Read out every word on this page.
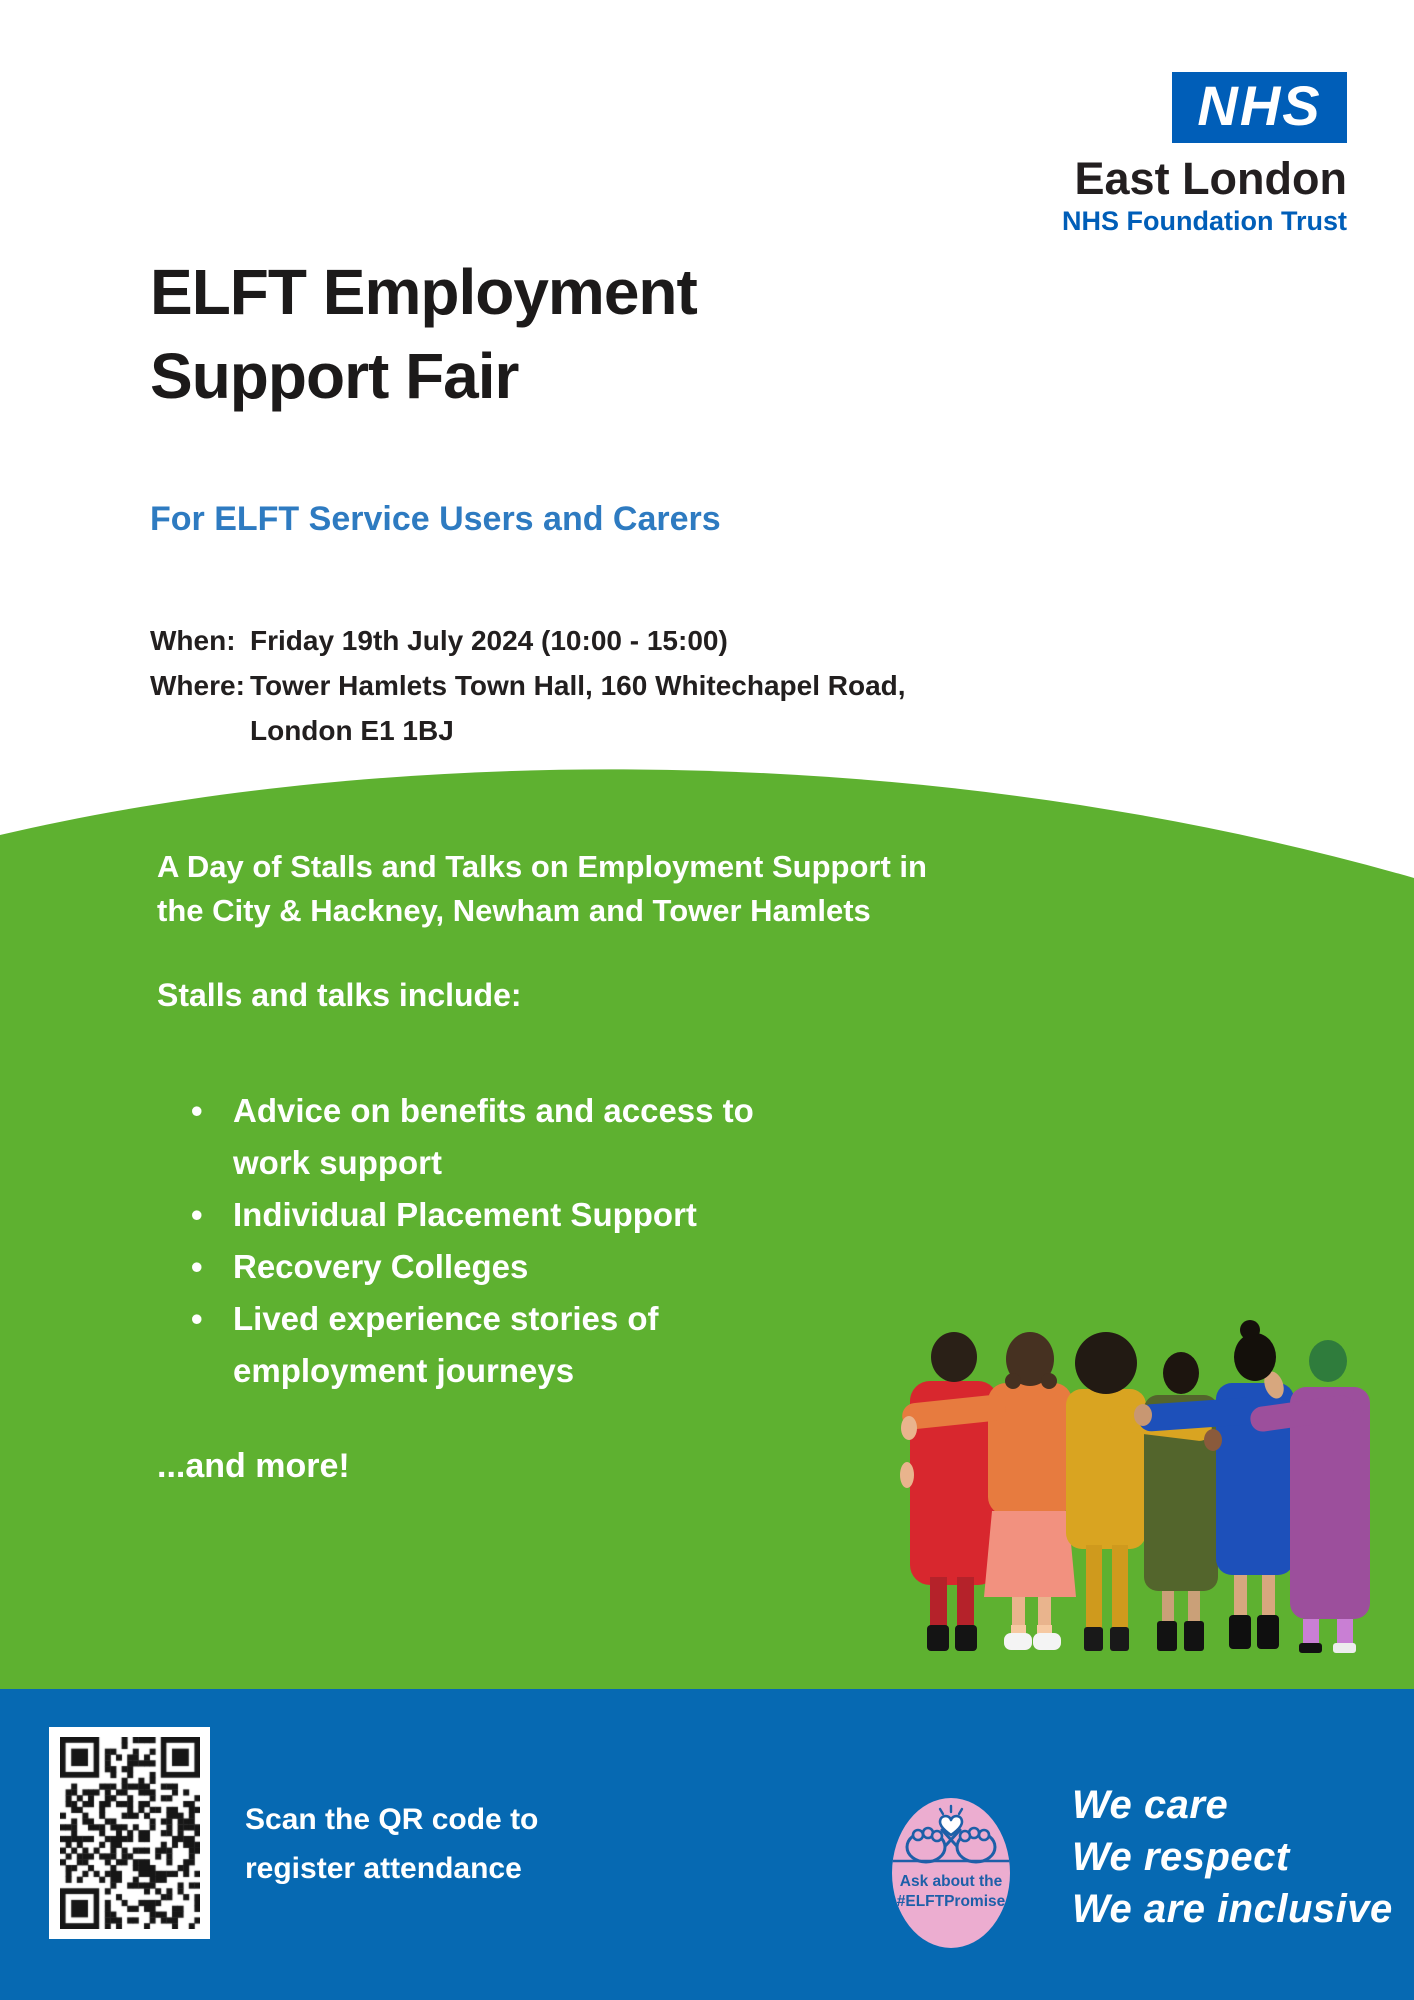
NHS
East London
NHS Foundation Trust
ELFT Employment
Support Fair
For ELFT Service Users and Carers
When: Friday 19th July 2024 (10:00 - 15:00)
Where: Tower Hamlets Town Hall, 160 Whitechapel Road,
London E1 1BJ
A Day of Stalls and Talks on Employment Support in
the City & Hackney, Newham and Tower Hamlets
Stalls and talks include:
• Advice on benefits and access to
work support
• Individual Placement Support
• Recovery Colleges
• Lived experience stories of
employment journeys
...and more!
Scan the QR code to
register attendance	Ask about the
#ELFTPromise
We care
We respect
We are inclusive
